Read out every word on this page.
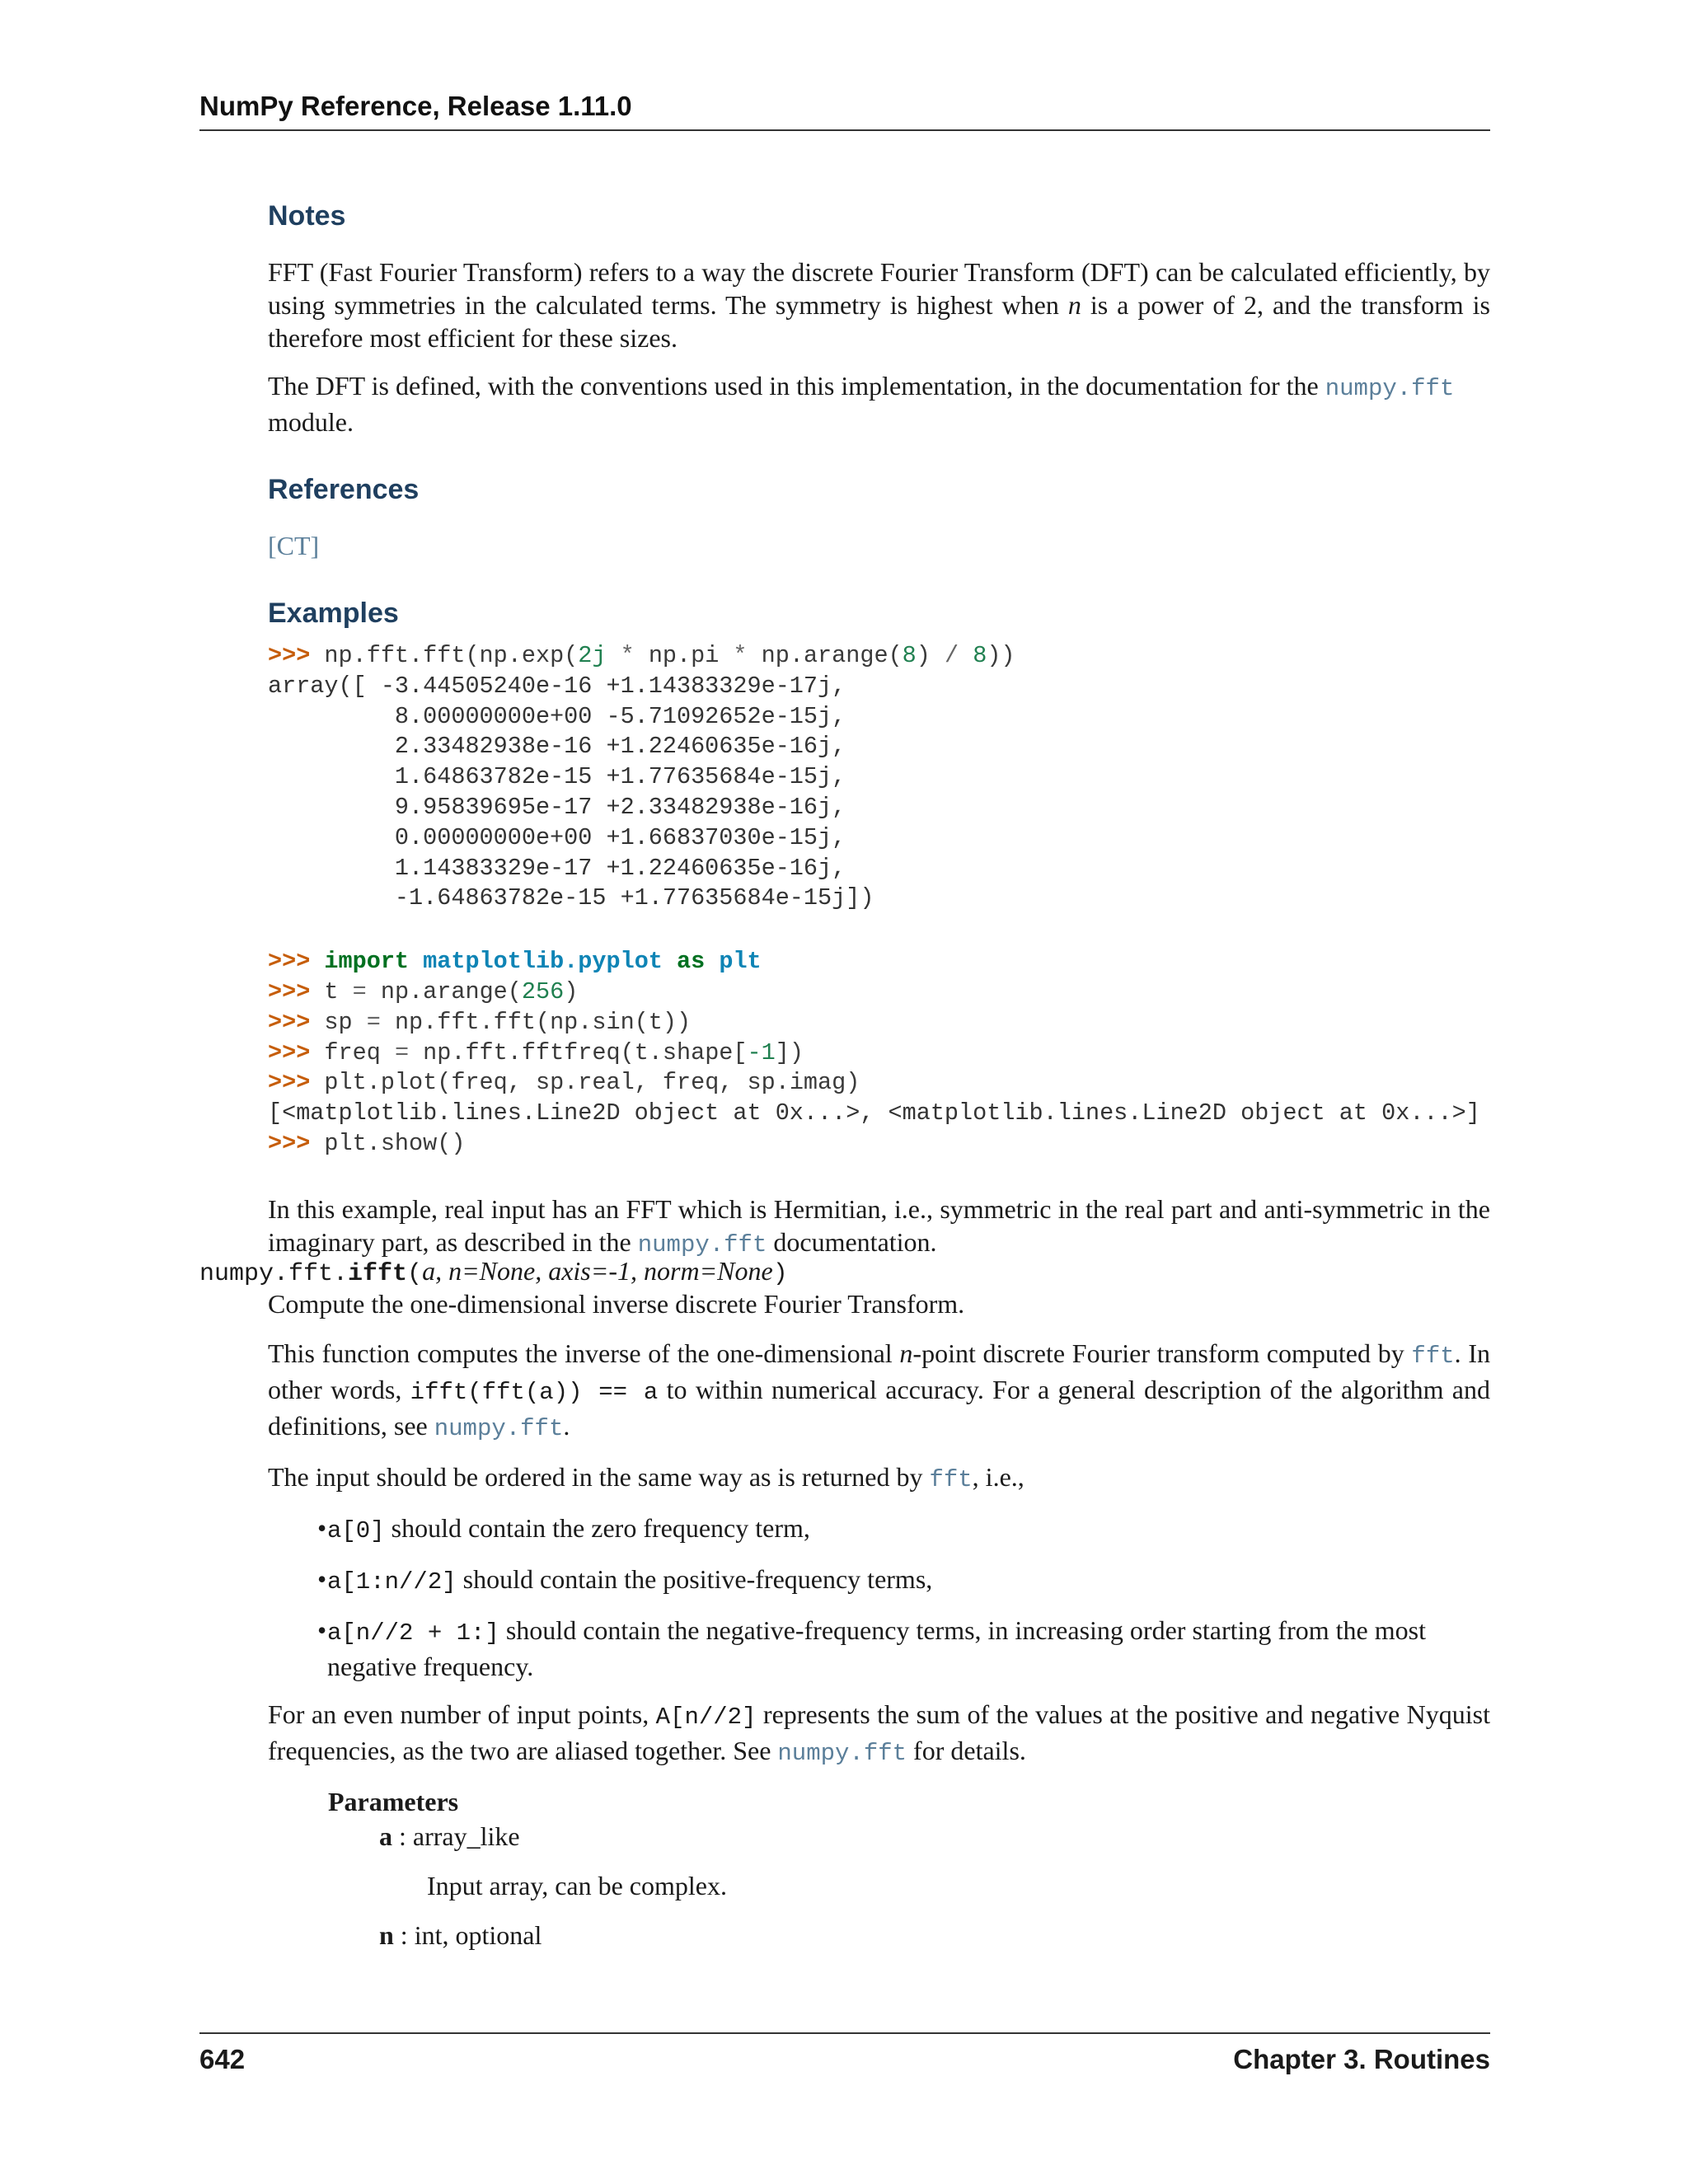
NumPy Reference, Release 1.11.0
Notes

FFT (Fast Fourier Transform) refers to a way the discrete Fourier Transform (DFT) can be calculated efficiently, by using symmetries in the calculated terms. The symmetry is highest when n is a power of 2, and the transform is therefore most efficient for these sizes.

The DFT is defined, with the conventions used in this implementation, in the documentation for the numpy.fft
module.

References

[CT]

Examples
>>> np.fft.fft(np.exp(2j * np.pi * np.arange(8) / 8))
array([ -3.44505240e-16 +1.14383329e-17j,
8.00000000e+00 -5.71092652e-15j,
2.33482938e-16 +1.22460635e-16j,
1.64863782e-15 +1.77635684e-15j,
9.95839695e-17 +2.33482938e-16j,
0.00000000e+00 +1.66837030e-15j,
1.14383329e-17 +1.22460635e-16j,
-1.64863782e-15 +1.77635684e-15j])
>>> import matplotlib.pyplot as plt
>>> t = np.arange(256)
>>> sp = np.fft.fft(np.sin(t))
>>> freq = np.fft.fftfreq(t.shape[-1])
>>> plt.plot(freq, sp.real, freq, sp.imag)
[<matplotlib.lines.Line2D object at 0x...>, <matplotlib.lines.Line2D object at 0x...>]
>>> plt.show()

In this example, real input has an FFT which is Hermitian, i.e., symmetric in the real part and anti-symmetric in the imaginary part, as described in the numpy.fft documentation.

numpy.fft.ifft(a, n=None, axis=-1, norm=None)

Compute the one-dimensional inverse discrete Fourier Transform.

This function computes the inverse of the one-dimensional n-point discrete Fourier transform computed by fft. In other words, ifft(fft(a)) == a to within numerical accuracy. For a general description of the algorithm and definitions, see numpy.fft.

The input should be ordered in the same way as is returned by fft, i.e.,

•a[0] should contain the zero frequency term,
•a[1:n//2] should contain the positive-frequency terms,
•a[n//2 + 1:] should contain the negative-frequency terms, in increasing order starting from the most
negative frequency.

For an even number of input points, A[n//2] represents the sum of the values at the positive and negative Nyquist frequencies, as the two are aliased together. See numpy.fft for details.

Parameters
a : array_like
Input array, can be complex.
n : int, optional
642	Chapter 3. Routines
